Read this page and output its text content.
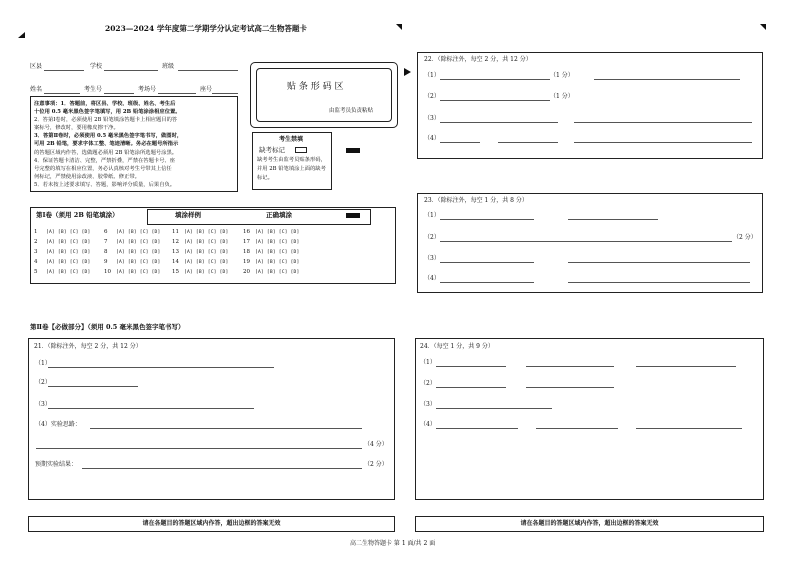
2023—2024 学年度第二学期学分认定考试高二生物答题卡
区县	学校	班级
姓名	考生号	考场号	座号	贴 条 形 码 区
由监考员负责粘贴
注意事项：1．答题前，将区县、学校、班级、姓名、考生后
十位用 0.5 毫米黑色签字笔填写，用 2B 铅笔涂涂相应位置。
2．答第Ⅰ卷时，必须使用 2B 铅笔填涂答题卡上相应题目的答
案标号，修改时，要用橡皮擦干净。
3．答第Ⅱ卷时，必须使用 0.5 毫米黑色签字笔书写，做图时，
可用 2B 铅笔，要求字体工整、笔迹清晰。务必在题号所指示
的答题区域内作答，选做题必须用 2B 铅笔涂所选题号涂黑。
4．保证答题卡清洁、完整，严禁折叠，严禁在答题卡号、座
号完整的填写在相应位置，务必认真核对考生号带其上信任
何标记，严禁使用涂改液、胶带纸、修正带。
5．若未按上述要求填写、答题，影响评分质量，后果自负。
考生禁填
缺考标记
缺考考生由监考员贴条形码，
并用 2B 铅笔填涂上面的缺考
标记。
第Ⅰ卷（须用 2B 铅笔填涂）	填涂样例	正确填涂
1 [A] [B] [C] [D]
2 [A] [B] [C] [D]
3 [A] [B] [C] [D]
4 [A] [B] [C] [D]
5 [A] [B] [C] [D]
6 [A] [B] [C] [D]
7 [A] [B] [C] [D]
8 [A] [B] [C] [D]
9 [A] [B] [C] [D]
10 [A] [B] [C] [D]
11 [A] [B] [C] [D]
12 [A] [B] [C] [D]
13 [A] [B] [C] [D]
14 [A] [B] [C] [D]
15 [A] [B] [C] [D]
16 [A] [B] [C] [D]
17 [A] [B] [C] [D]
18 [A] [B] [C] [D]
19 [A] [B] [C] [D]
20 [A] [B] [C] [D]
第Ⅱ卷【必做部分】（须用 0.5 毫米黑色签字笔书写）
21．（除标注外，每空 2 分，共 12 分）
（1）
（2）
（3）
（4）实验思路：
（4 分）
预期实验结果：	（2 分）
22．（除标注外，每空 2 分，共 12 分）
（1）	（1 分）
（2）	（1 分）
（3）
（4）
23．（除标注外，每空 1 分，共 8 分）
（1）
（2）	（2 分）
（3）
（4）
24．（每空 1 分，共 9 分）
（1）
（2）
（3）
（4）
请在各题目的答题区域内作答，超出边框的答案无效	请在各题目的答题区域内作答，超出边框的答案无效
高二生物答题卡 第 1 面/共 2 面
